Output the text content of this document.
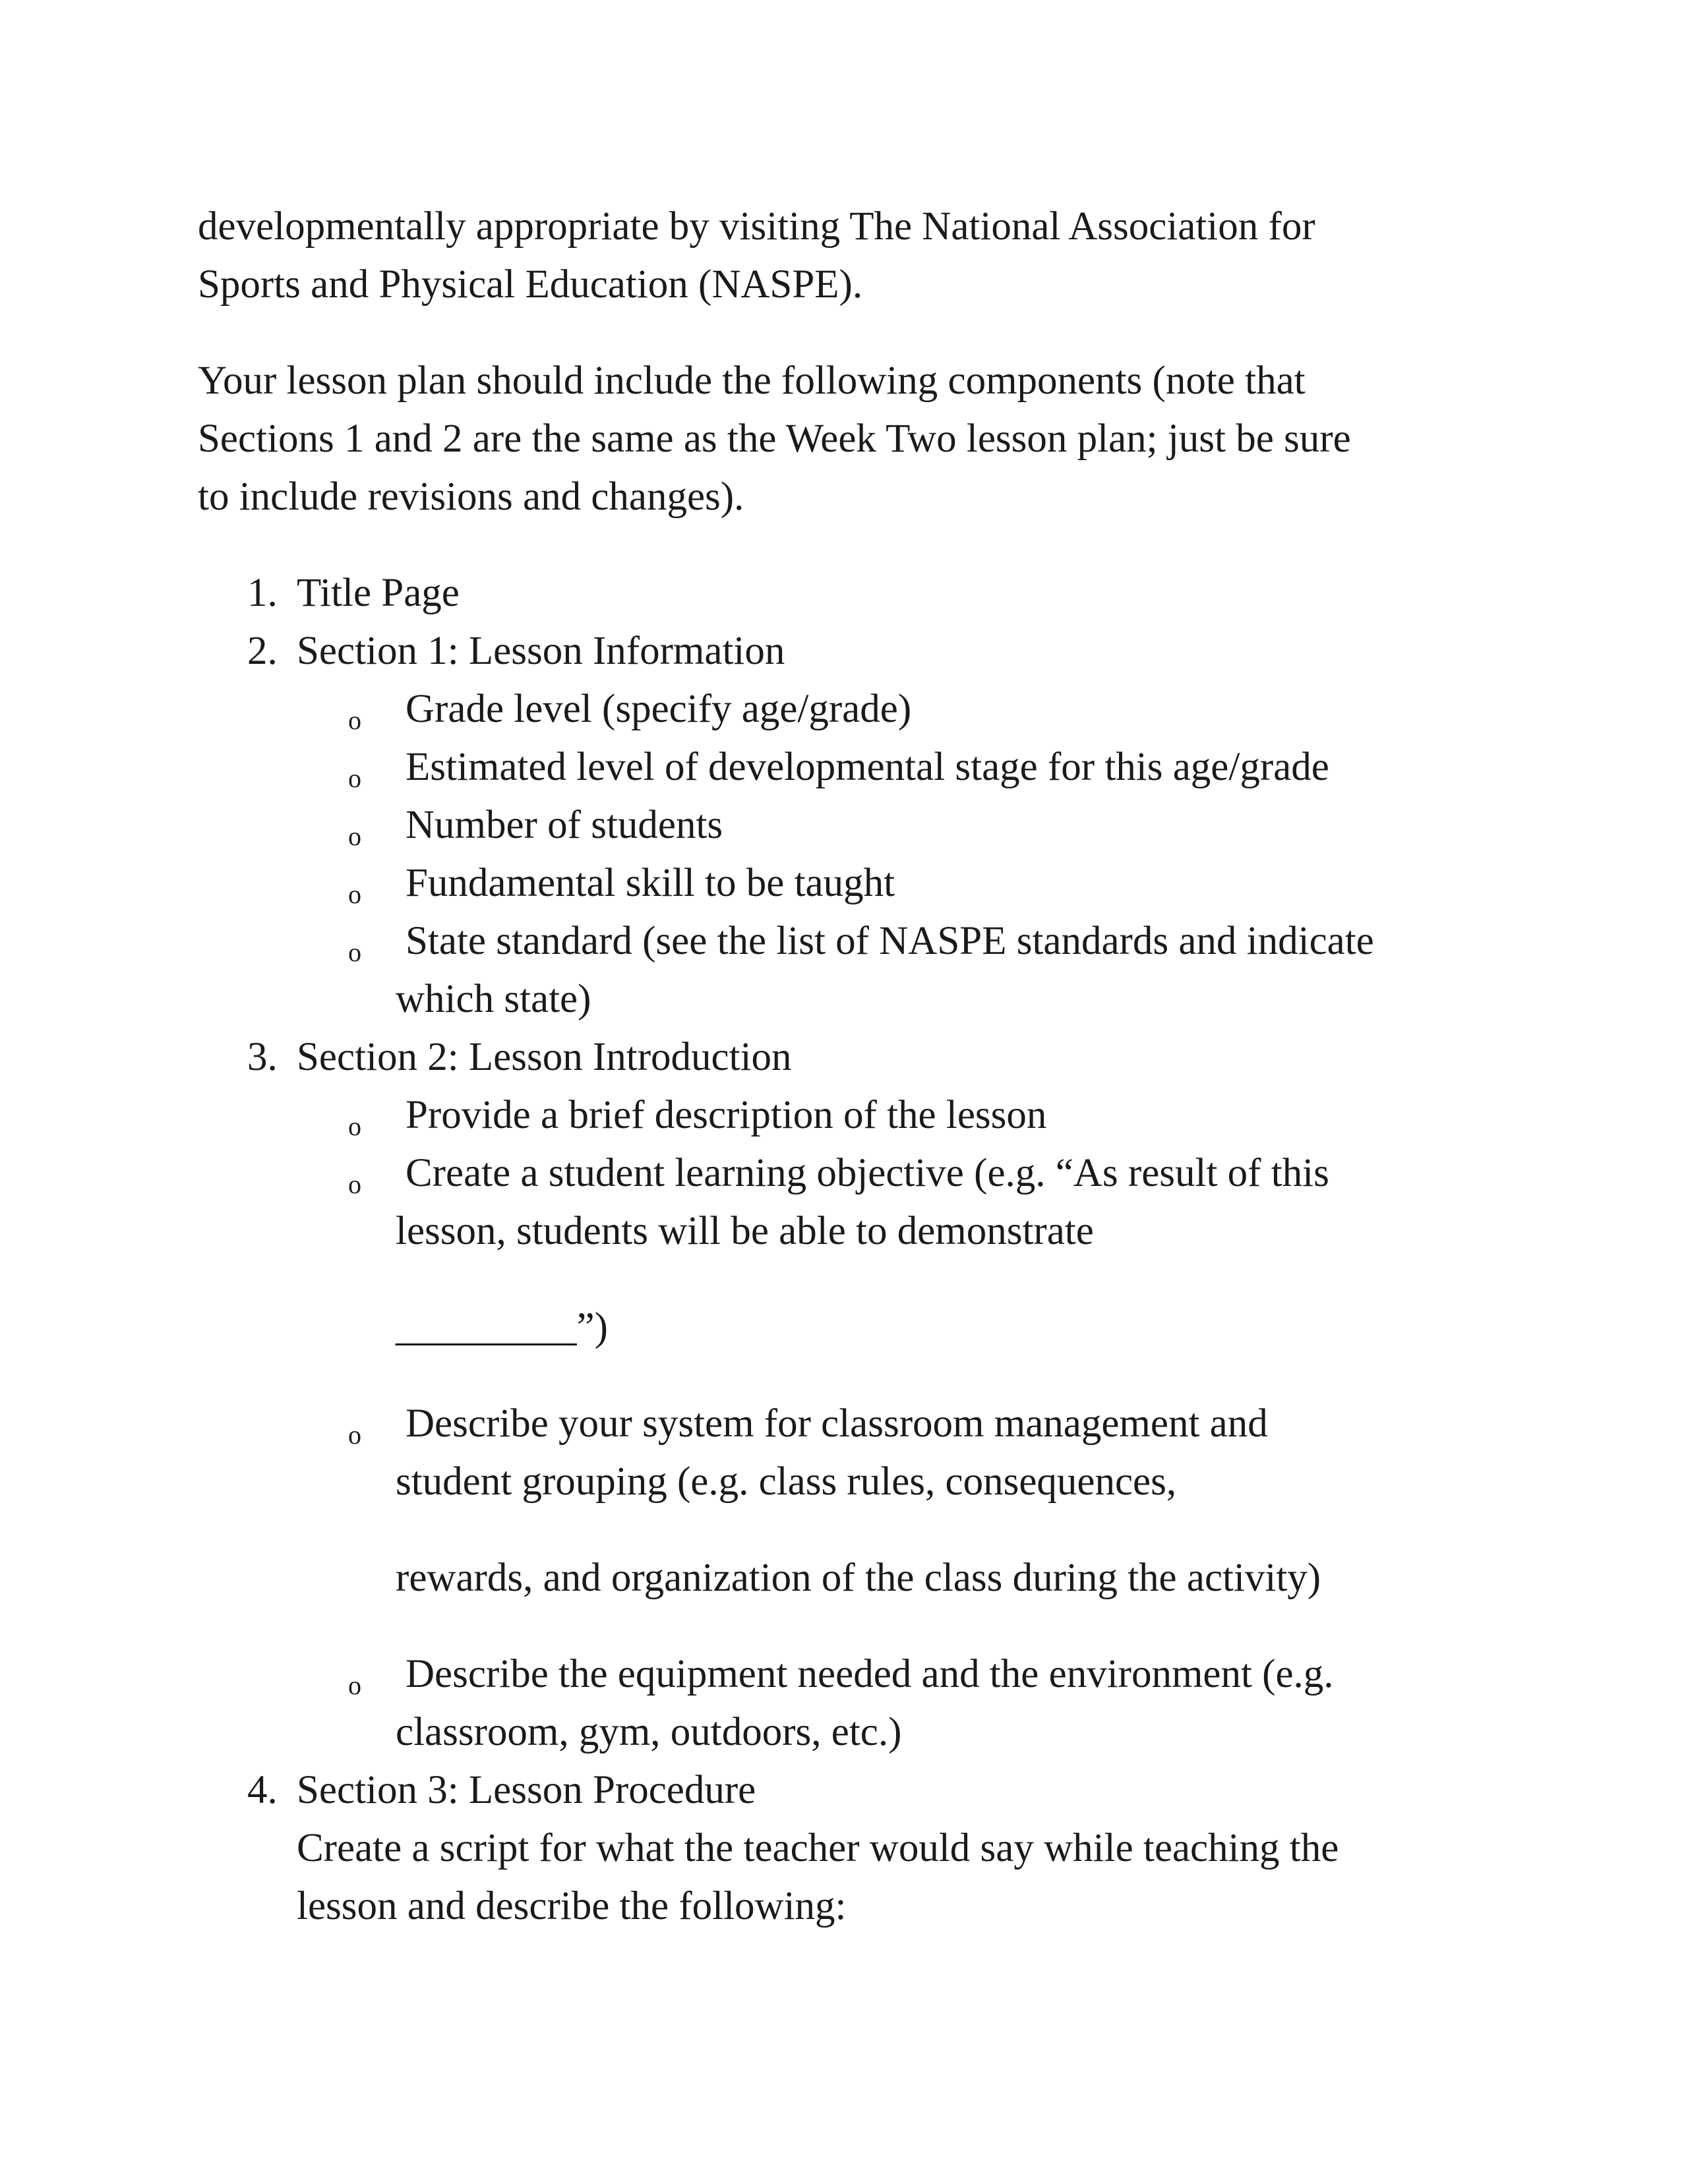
developmentally appropriate by visiting The National Association for
Sports and Physical Education (NASPE).
Your lesson plan should include the following components (note that
Sections 1 and 2 are the same as the Week Two lesson plan; just be sure
to include revisions and changes).
1. Title Page
2. Section 1: Lesson Information
o Grade level (specify age/grade)
o Estimated level of developmental stage for this age/grade
o Number of students
o Fundamental skill to be taught
o State standard (see the list of NASPE standards and indicate
which state)
3. Section 2: Lesson Introduction
o Provide a brief description of the lesson
o Create a student learning objective (e.g. “As result of this
lesson, students will be able to demonstrate
_________”)
o Describe your system for classroom management and
student grouping (e.g. class rules, consequences,
rewards, and organization of the class during the activity)
o Describe the equipment needed and the environment (e.g.
classroom, gym, outdoors, etc.)
4. Section 3: Lesson Procedure
Create a script for what the teacher would say while teaching the
lesson and describe the following:
